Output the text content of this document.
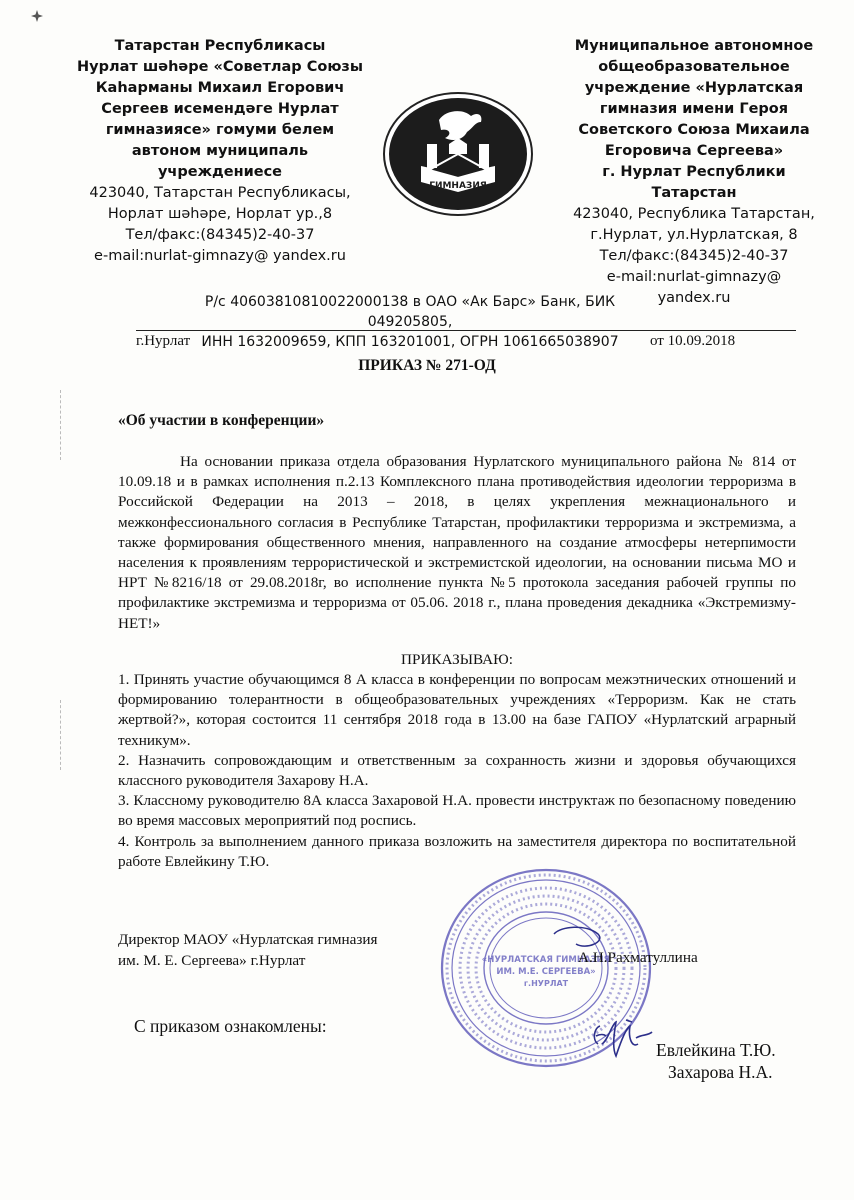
Татарстан Республикасы
Нурлат шәһәре «Советлар Союзы
Каһарманы Михаил Егорович
Сергеев исемендәге Нурлат
гимназиясе» гомуми белем
автоном муниципаль
учреждениесе
423040, Татарстан Республикасы,
Норлат шәһәре, Норлат ур.,8
Тел/факс:(84345)2-40-37
e-mail:nurlat-gimnazy@ yandex.ru
ГИМНАЗИЯ
Муниципальное автономное
общеобразовательное
учреждение «Нурлатская
гимназия имени Героя
Советского Союза Михаила
Егоровича Сергеева»
г. Нурлат Республики
Татарстан
423040, Республика Татарстан,
г.Нурлат, ул.Нурлатская, 8
Тел/факс:(84345)2-40-37
e-mail:nurlat-gimnazy@
yandex.ru
Р/с 40603810810022000138 в ОАО «Ак Барс» Банк, БИК 049205805,
ИНН 1632009659, КПП 163201001, ОГРН 1061665038907
г.Нурлат	от 10.09.2018
ПРИКАЗ № 271-ОД
«Об участии в конференции»

На основании приказа отдела образования Нурлатского муниципального района № 814 от 10.09.18 и в рамках исполнения п.2.13 Комплексного плана противодействия идеологии терроризма в Российской Федерации на 2013 – 2018, в целях укрепления межнационального и межконфессионального согласия в Республике Татарстан, профилактики терроризма и экстремизма, а также формирования общественного мнения, направленного на создание атмосферы нетерпимости населения к проявлениям террористической и экстремистской идеологии, на основании письма МО и НРТ №8216/18 от 29.08.2018г, во исполнение пункта №5 протокола заседания рабочей группы по профилактике экстремизма и терроризма от 05.06. 2018 г., плана проведения декадника «Экстремизму- НЕТ!»

ПРИКАЗЫВАЮ:

1. Принять участие обучающимся 8 А класса в конференции по вопросам межэтнических отношений и формированию толерантности в общеобразовательных учреждениях «Терроризм. Как не стать жертвой?», которая состоится 11 сентября 2018 года в 13.00 на базе ГАПОУ «Нурлатский аграрный техникум».

2. Назначить сопровождающим и ответственным за сохранность жизни и здоровья обучающихся классного руководителя Захарову Н.А.

3. Классному руководителю 8А класса Захаровой Н.А. провести инструктаж по безопасному поведению во время массовых мероприятий под роспись.

4. Контроль за выполнением данного приказа возложить на заместителя директора по воспитательной работе Евлейкину Т.Ю.

«НУРЛАТСКАЯ ГИМНАЗИЯ
ИМ. М.Е. СЕРГЕЕВА»
г.НУРЛАТ
Директор МАОУ «Нурлатская гимназия
им. М. Е. Сергеева» г.Нурлат	А.Н.Рахматуллина
С приказом ознакомлены:
Евлейкина Т.Ю.
Захарова Н.А.
